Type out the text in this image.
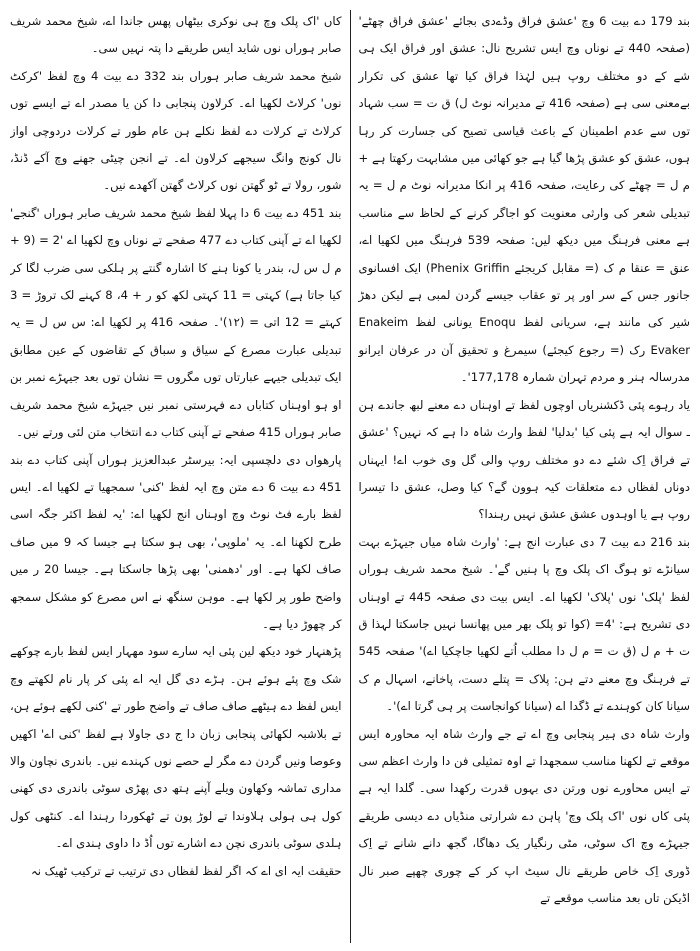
بند 179 دے بیت 6 وچ 'عشق فراق وڈےدی بجائے 'عشق فراق چھٹے' (صفحہ 440 تے نوناں وچ ایس تشریح نال: عشق اور فراق ایک ہی شے کے دو مختلف روپ ہیں لہٰذا فراق کیا تھا عشق کی تکرار بےمعنی سی ہے (صفحہ 416 تے مدیرانہ نوٹ ل) ق ت = سب شہاد توں سے عدم اطمینان کے باعث قیاسی تصیح کی جسارت کر رہا ہوں، عشق کو عشق پڑھا گیا ہے جو کھائی میں مشابہت رکھتا ہے + م ل = چھٹے کی رعایت، صفحہ 416 پر انکا مدیرانہ نوٹ م ل = یہ تبدیلی شعر کی وارثی معنویت کو اجاگر کرنے کے لحاظ سے مناسب ہے معنی فرہنگ میں دیکھ لیں: صفحہ 539 فرہنگ میں لکھیا اے، عنق = عنقا م ک (= مقابل کریجئے Phenix Griffin) ایک افسانوی جانور جس کے سر اور پر تو عقاب جیسے گردن لمبی ہے لیکن دھڑ شیر کی مانند ہے، سریانی لفظ Enoqu یونانی لفظ Enakeim Evaker رک (= رجوع کیجئے) سیمرغ و تحقیق آن در عرفان ایرانو مدرسالہ ہنر و مردم تہران شمارہ 177,178'۔

یاد رہوے پئی ڈکشنریاں اوچوں لفظ تے اوہناں دے معنے لبھ جاندے ہن ـ سوال ایہ ہے پئی کیا 'بدلیا' لفظ وارث شاہ دا ہے کہ نہیں؟ 'عشق تے فراق اِک شئے دے دو مختلف روپ والی گل وی خوب اے! ایہناں دوناں لفظاں دے متعلقات کیہ ہوون گے؟ کیا وصل، عشق دا تیسرا روپ ہے یا اوہدوں عشق عشق نہیں رہندا؟

بند 216 دے بیت 7 دی عبارت انج ہے: 'وارث شاہ میاں جیہڑے بہت سیانڑے تو ہوگ اک پلک وچ پا ہنیں گے'۔ شیخ محمد شریف ہوراں لفظ 'پلک' نوں 'پلاک' لکھیا اے۔ ایس بیت دی صفحہ 445 تے اوہناں دی تشریح ہے: '4= (کوا تو پلک بھر میں پھانسا نہیں جاسکتا لہذا ق ت + م ل (ق ت = م ل دا مطلب اُتے لکھیا جاچکیا اے)' صفحہ 545 تے فرہنگ وچ معنے دتے ہن: پلاک = پتلے دست، پاخانے، اسہال م ک سیانا کان کوہندے تے ڈگدا اے (سیانا کوانجاست پر ہی گرتا اے)'۔

وارث شاہ دی ہیر پنجابی وچ اے تے جے وارث شاہ ایہ محاورہ ایس موقعے تے لکھنا مناسب سمجھدا تے اوہ تمثیلی فن دا وارث اعظم سی تے ایس محاورے نوں ورتن دی بہوں قدرت رکھدا سی۔ گلدا ایہ ہے پئی کاں نوں 'اک پلک وچ' پاہن دے شرارتی منڈیاں دے دیسی طریقے جیہڑے وچ اک سوٹی، مٹی رنگیار یک دھاگا، گجھ دانے شانے تے اِک ڈوری اِک خاص طریقے نال سیٹ اپ کر کے چوری چھپے صبر نال اڈیکن تاں بعد مناسب موقعے تے

کاں 'اک پلک وچ ہی نوکری بیٹھاں پھس جاندا اے، شیخ محمد شریف صابر ہوراں نوں شاید ایس طریقے دا پتہ نہیں سی۔

شیخ محمد شریف صابر ہوراں بند 332 دے بیت 4 وچ لفظ 'کرکٹ نوں' کرلاٹ لکھیا اے۔ کرلاون پنجابی دا کن یا مصدر اے تے ایسے توں کرلاٹ تے کرلات دے لفظ نکلے ہن عام طور تے کرلات دردوچی اواز نال کونج وانگ سیجھے کرلاون اے۔ تے انجن چیٹی جھنے وچ آکے ڈنڈ، شور، رولا تے ٹو گھتن نوں کرلاٹ گھتن آکھدے نیں۔

بند 451 دے بیت 6 دا پہلا لفظ شیخ محمد شریف صابر ہوراں 'گنجے' لکھیا اے تے آپنی کتاب دے 477 صفحے تے نوناں وچ لکھیا اے '2 = (9 + م ل س ل، بندر یا کونا ہنے کا اشارہ گنتے پر ہلکی سی ضرب لگا کر کیا جاتا ہے) کہتی = 11 کہتی لکھ کو ر + 4، 8 کہنے لک تروڑ = 3 کہتے = 12 اتی = (۱۲)'۔ صفحہ 416 پر لکھیا اے: س س ل = یہ تبدیلی عبارت مصرع کے سیاق و سباق کے تقاضوں کے عین مطابق ایک تبدیلی جیہے عبارتاں توں مگروں = نشان توں بعد جیہڑے نمبر بن او ہو اوہناں کتاباں دے فہرستی نمبر نیں جیہڑے شیخ محمد شریف صابر ہوراں 415 صفحے تے آپنی کتاب دے انتخاب متن لئی ورتے نیں۔

پارھواں دی دلچسپی ایہ: بیرسٹر عبدالعزیز ہوراں آپنی کتاب دے بند 451 دے بیت 6 دے متن وچ ایہ لفظ 'کنی' سمجھیا تے لکھیا اے۔ ایس لفظ بارے فٹ نوٹ وچ اوہناں انج لکھیا اے: 'یہ لفظ اکثر جگہ اسی طرح لکھنا اے۔ یہ 'ملوپی'، بھی ہو سکتا ہے جیسا کہ 9 میں صاف صاف لکھا ہے۔ اور 'دھمنی' بھی پڑھا جاسکتا ہے۔ جیسا 20 ر میں واضح طور پر لکھا ہے۔ موہن سنگھ نے اس مصرع کو مشکل سمجھ کر چھوڑ دیا ہے۔

پڑھنہار خود دیکھ لین پئی ایہ سارے سود مھہار ایس لفظ بارے چوکھے شک وچ پئے ہوئے ہن۔ ہڑے دی گل ایہ اے پئی کر پار نام لکھتے وچ ایس لفظ دے ہیٹھے صاف صاف تے واضح طور تے 'کنی لکھے ہوئے ہن، تے بلاشبہ لکھائی پنجابی زبان دا ج دی جاولا ہے لفظ 'کنی اے' اکھیں وعوصا ونیں گردن دے مگر لے حصے نوں کہندے نیں۔ باندری نچاون والا مداری تماشہ وکھاون ویلے آپنے ہتھ دی پھڑی سوٹی باندری دی کھنی کول ہی ہولی ہلاوندا تے لوڑ پون تے ٹھکوردا رہندا اے۔ کنٹھی کول ہلدی سوٹی باندری نچن دے اشارے توں اُڈ دا داوی ہندی اے۔

حقیقت ایہ ای اے کہ اگر لفظ لفظاں دی ترتیب تے ترکیب ٹھیک نہ
